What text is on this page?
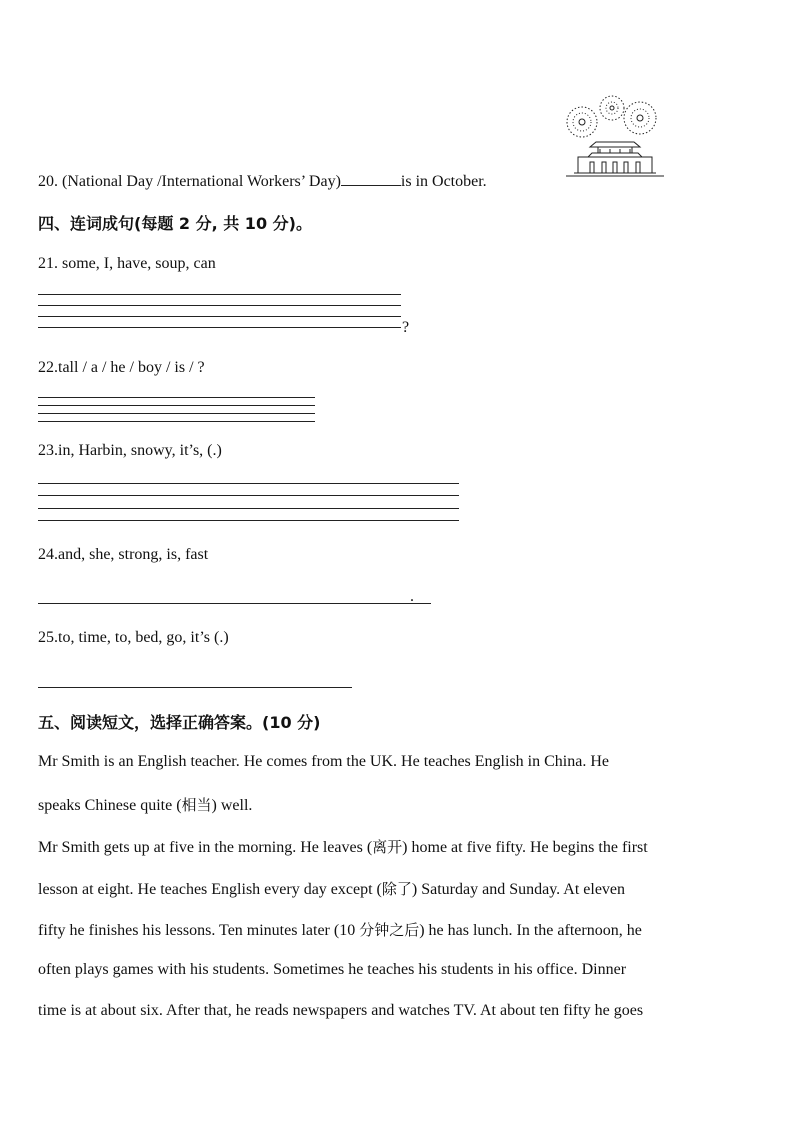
20. (National Day /International Workers’ Day)	is in October.
四、连词成句(每题 2 分, 共 10 分)。
21. some, I, have, soup, can
?
22.tall / a / he / boy / is / ?
23.in, Harbin, snowy, it’s, (.)
24.and, she, strong, is, fast
.
25.to, time, to, bed, go, it’s (.)
五、阅读短文，选择正确答案。(10 分)
Mr Smith is an English teacher. He comes from the UK. He teaches English in China. He
speaks Chinese quite (相当) well.
Mr Smith gets up at five in the morning. He leaves (离开) home at five fifty. He begins the first
lesson at eight. He teaches English every day except (除了) Saturday and Sunday. At eleven
fifty he finishes his lessons. Ten minutes later (10 分钟之后) he has lunch. In the afternoon, he
often plays games with his students. Sometimes he teaches his students in his office. Dinner
time is at about six. After that, he reads newspapers and watches TV. At about ten fifty he goes
